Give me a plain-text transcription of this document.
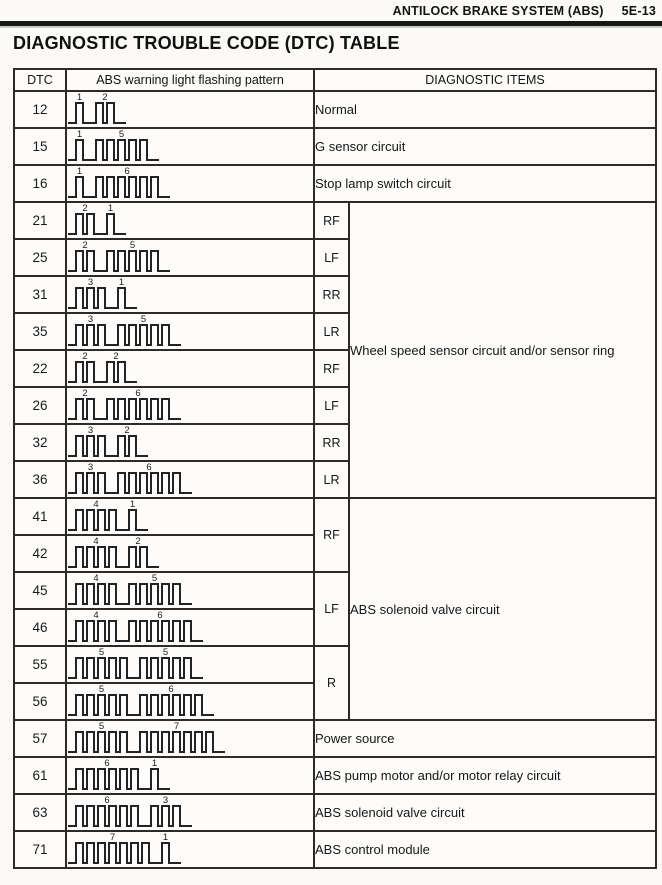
ANTILOCK BRAKE SYSTEM (ABS) 5E-13
DIAGNOSTIC TROUBLE CODE (DTC) TABLE
DTC	ABS warning light flashing pattern	DIAGNOSTIC ITEMS	
12	1 2	Normal	
15	1 5	G sensor circuit	
16	1 6	Stop lamp switch circuit	
21	2 1	RF	Wheel speed sensor circuit and/or sensor ring
25	2 5	LF	
31	3 1	RR	
35	3 5	LR	
22	2 2	RF	
26	2 6	LF	
32	3 2	RR	
36	3 6	LR	
41	4 1	RF	ABS solenoid valve circuit
42	4 2		

45	4 5	LF	
46	4 6		

55	5 5	R	
56	5 6		

57	5 7	Power source	
61	6 1	ABS pump motor and/or motor relay circuit	
63	6 3	ABS solenoid valve circuit	
71	7 1	ABS control module	
